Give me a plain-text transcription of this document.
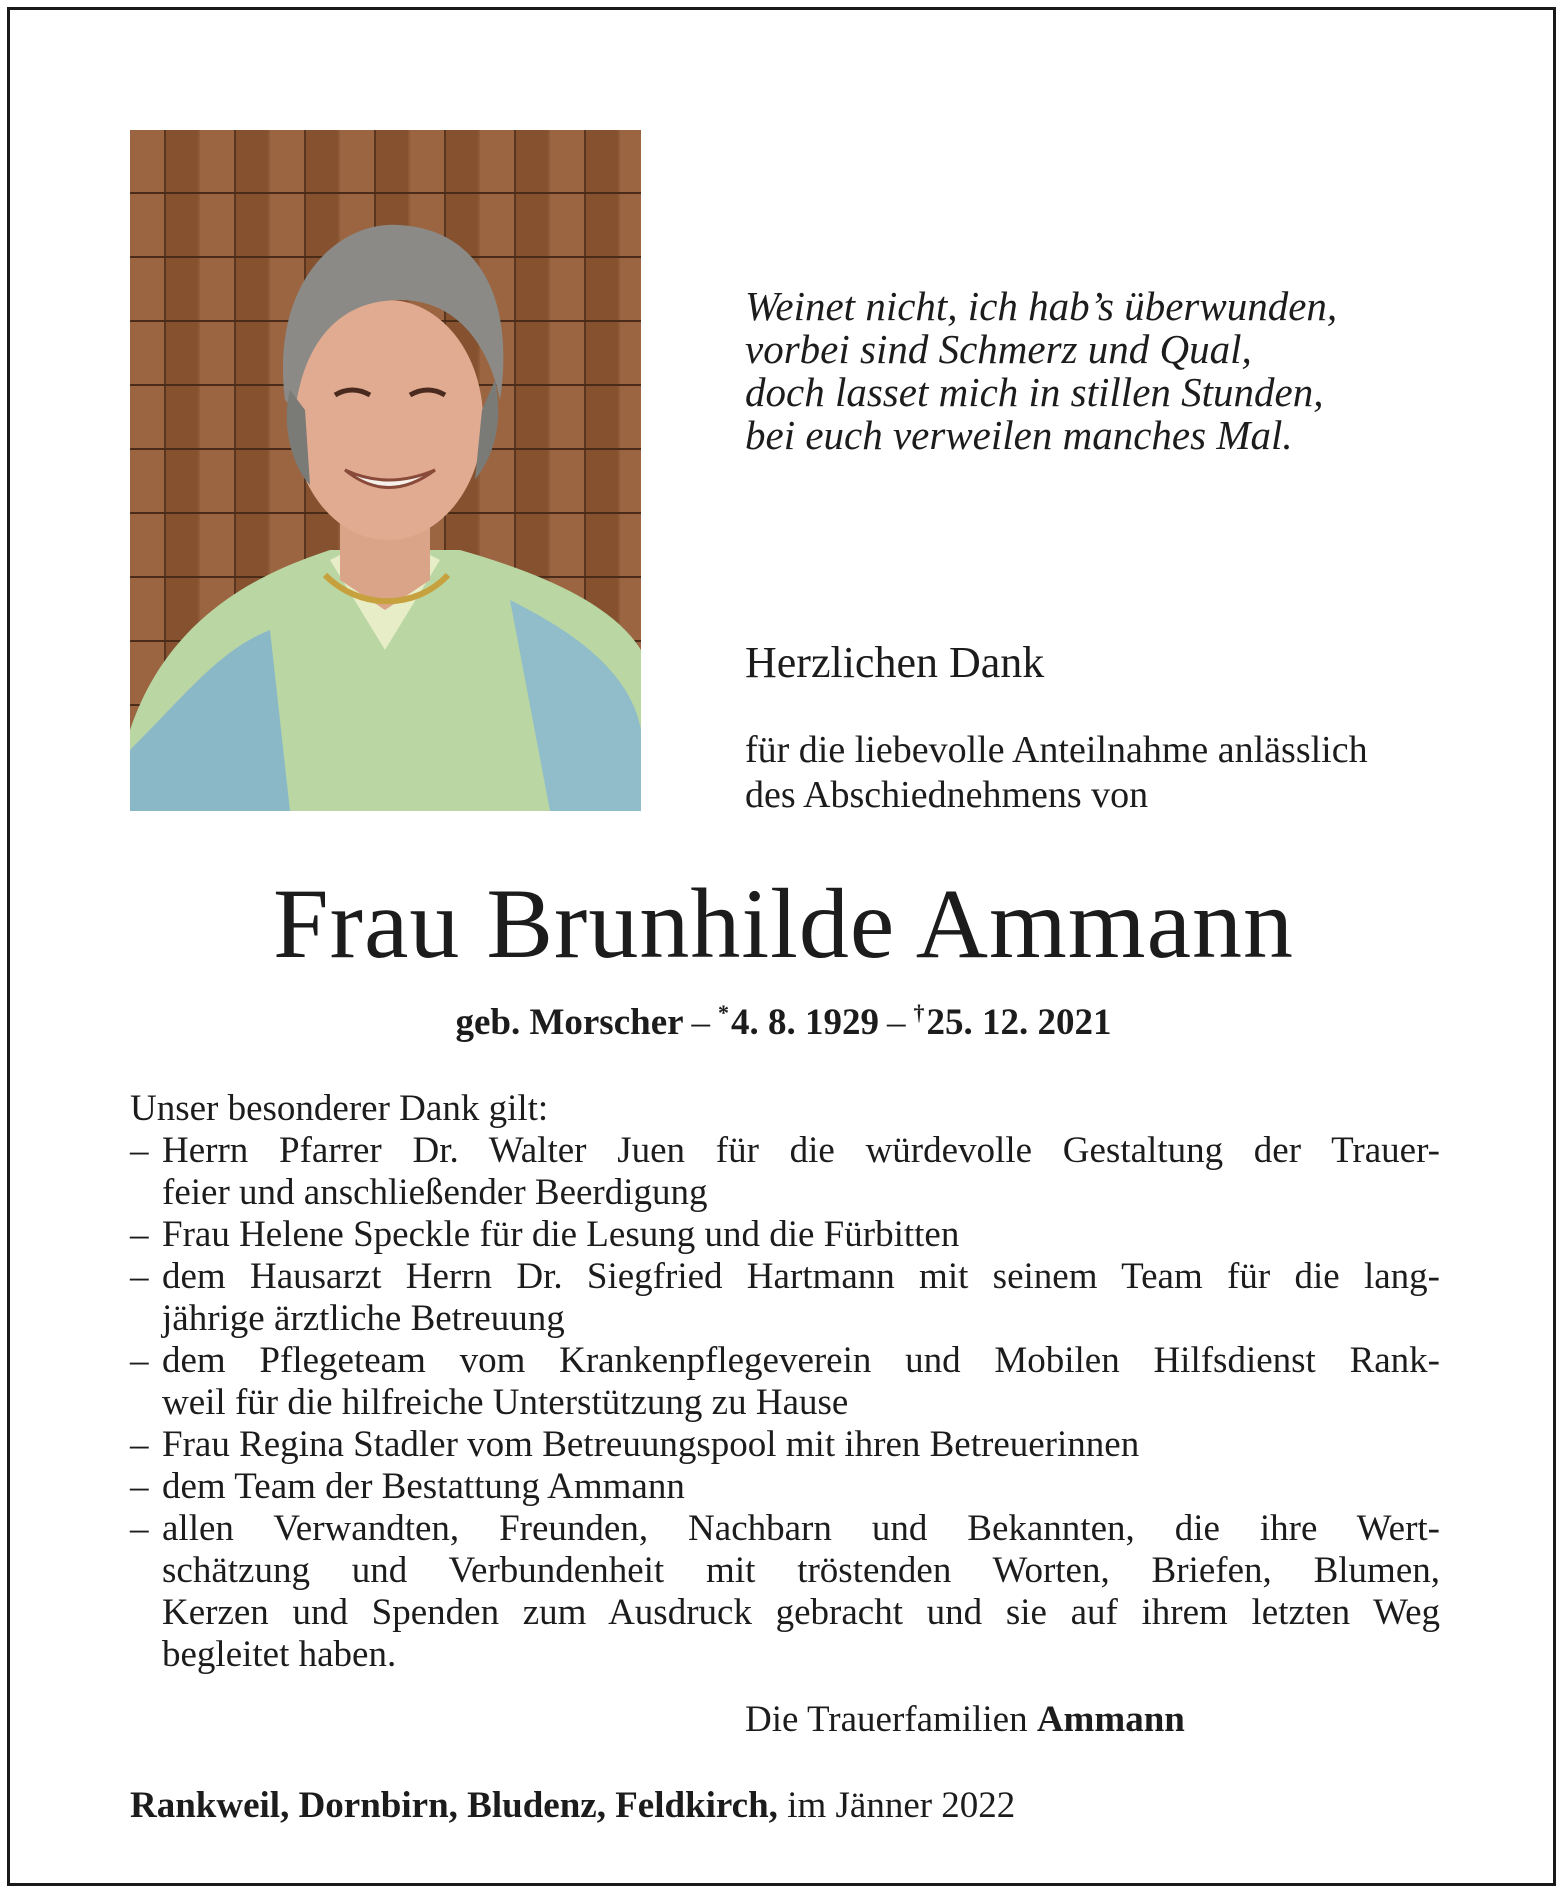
Weinet nicht, ich hab’s überwunden,
vorbei sind Schmerz und Qual,
doch lasset mich in stillen Stunden,
bei euch verweilen manches Mal.
Herzlichen Dank
für die liebevolle Anteilnahme anlässlich
des Abschiednehmens von
Frau Brunhilde Ammann
geb. Morscher – *4. 8. 1929 – †25. 12. 2021
Unser besonderer Dank gilt:
– Herrn Pfarrer Dr. Walter Juen für die würdevolle Gestaltung der Trauer-
feier und anschließender Beerdigung
– Frau Helene Speckle für die Lesung und die Fürbitten
– dem Hausarzt Herrn Dr. Siegfried Hartmann mit seinem Team für die lang-
jährige ärztliche Betreuung
– dem Pflegeteam vom Krankenpflegeverein und Mobilen Hilfsdienst Rank-
weil für die hilfreiche Unterstützung zu Hause
– Frau Regina Stadler vom Betreuungspool mit ihren Betreuerinnen
– dem Team der Bestattung Ammann
– allen Verwandten, Freunden, Nachbarn und Bekannten, die ihre Wert-
schätzung und Verbundenheit mit tröstenden Worten, Briefen, Blumen,
Kerzen und Spenden zum Ausdruck gebracht und sie auf ihrem letzten Weg
begleitet haben.
Die Trauerfamilien Ammann
Rankweil, Dornbirn, Bludenz, Feldkirch, im Jänner 2022
